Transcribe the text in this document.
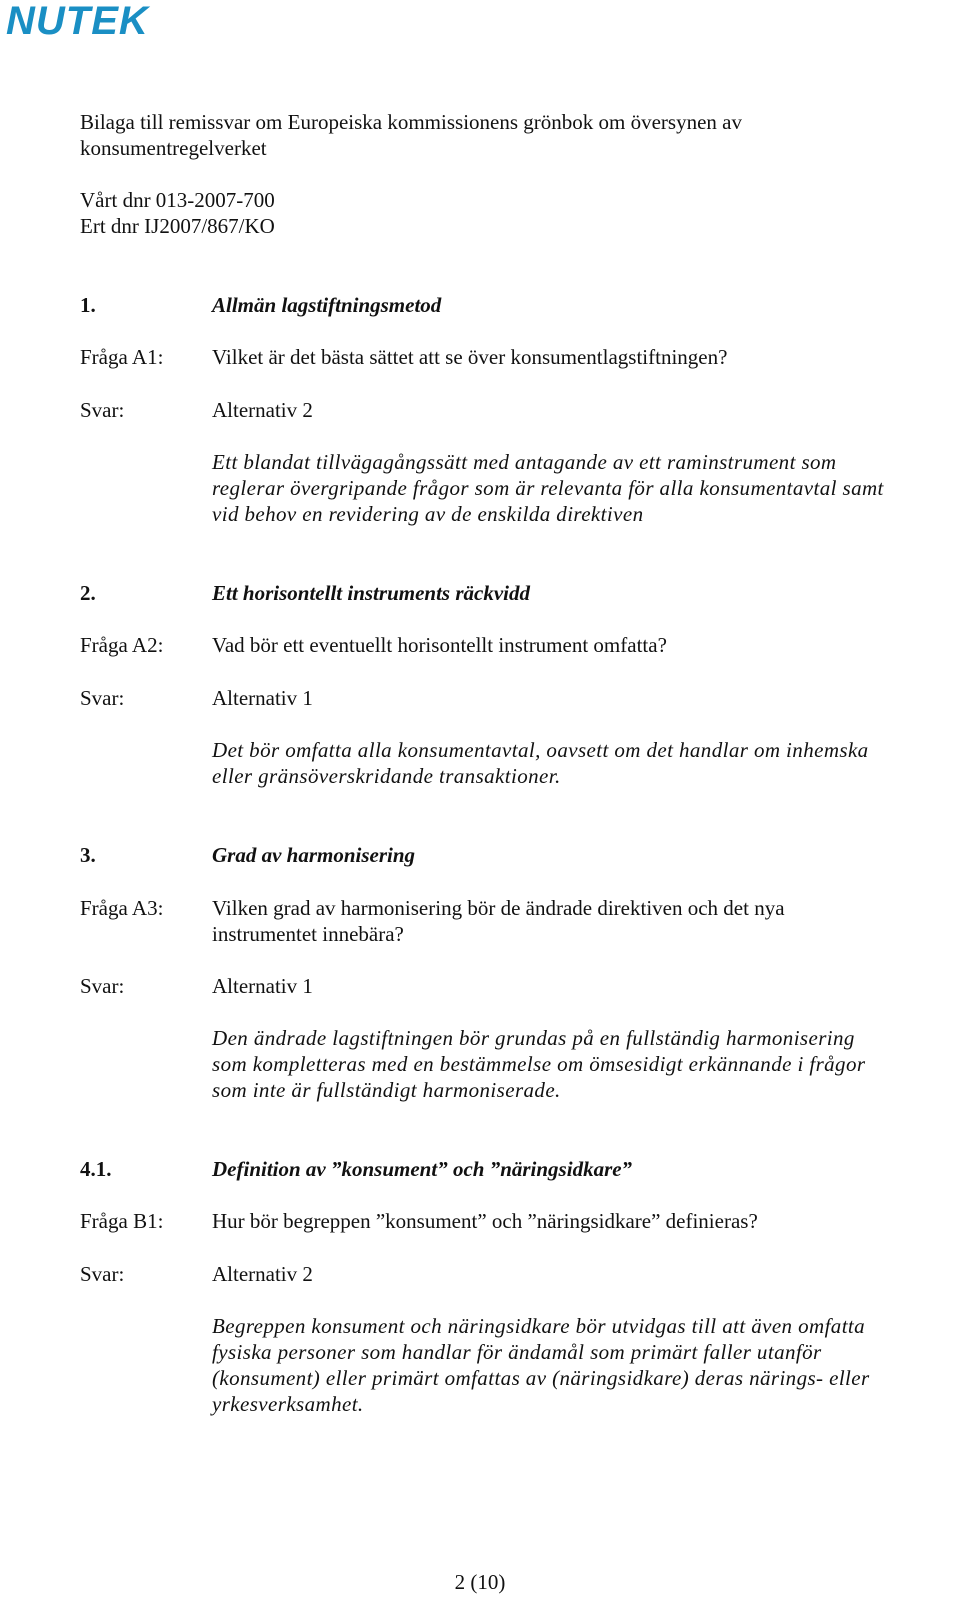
NUTEK
Bilaga till remissvar om Europeiska kommissionens grönbok om översynen av
konsumentregelverket
Vårt dnr 013-2007-700
Ert dnr IJ2007/867/KO
1.	Allmän lagstiftningsmetod
Fråga A1: Vilket är det bästa sättet att se över konsumentlagstiftningen?
Svar:	Alternativ 2
Ett blandat tillvägagångssätt med antagande av ett raminstrument som
reglerar övergripande frågor som är relevanta för alla konsumentavtal samt
vid behov en revidering av de enskilda direktiven
2.	Ett horisontellt instruments räckvidd
Fråga A2: Vad bör ett eventuellt horisontellt instrument omfatta?
Svar:	Alternativ 1
Det bör omfatta alla konsumentavtal, oavsett om det handlar om inhemska
eller gränsöverskridande transaktioner.
3.	Grad av harmonisering
Fråga A3: Vilken grad av harmonisering bör de ändrade direktiven och det nya
instrumentet innebära?
Svar:	Alternativ 1
Den ändrade lagstiftningen bör grundas på en fullständig harmonisering
som kompletteras med en bestämmelse om ömsesidigt erkännande i frågor
som inte är fullständigt harmoniserade.
4.1.	Definition av ”konsument” och ”näringsidkare”
Fråga B1: Hur bör begreppen ”konsument” och ”näringsidkare” definieras?
Svar:	Alternativ 2
Begreppen konsument och näringsidkare bör utvidgas till att även omfatta
fysiska personer som handlar för ändamål som primärt faller utanför
(konsument) eller primärt omfattas av (näringsidkare) deras närings- eller
yrkesverksamhet.
2 (10)
